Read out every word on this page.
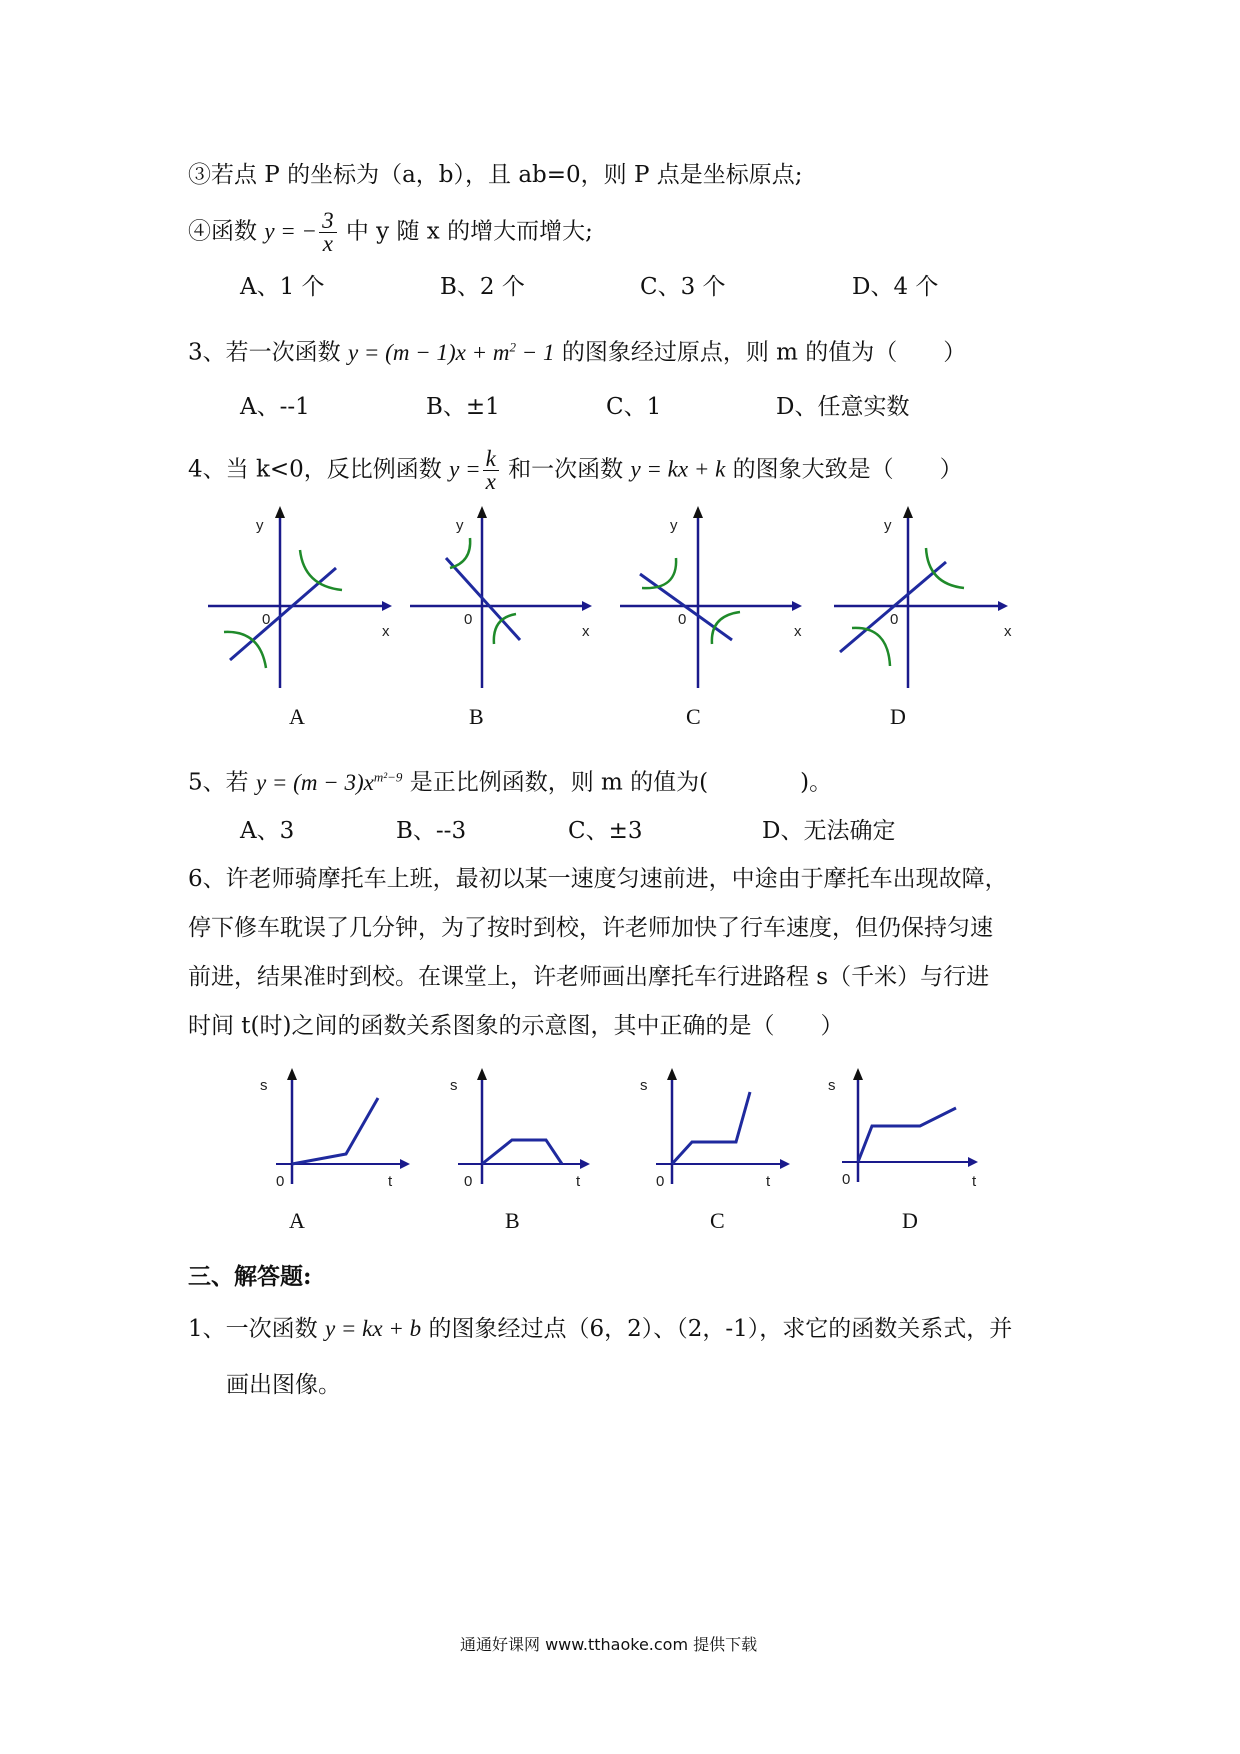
③若点 P 的坐标为（a，b），且 ab=0，则 P 点是坐标原点;
④函数 y = − $\frac{3}{x}$ 中 y 随 x 的增大而增大;
A、1 个	B、2 个	C、3 个	D、4 个
3、若一次函数 $y = (m - 1)x + m^2 - 1$ 的图象经过原点，则 m 的值为（　　）
A、--1	B、±1	C、1	D、任意实数
4、当 k<0，反比例函数 $y = \frac{k}{x}$ 和一次函数 y = kx + k 的图象大致是（　　）
y
x
0
A
y
x
0
B
y
x
0
C
y
x
0
D
5、若 $y = (m - 3)x^{m^2-9}$ 是正比例函数，则 m 的值为(　　　　)。
A、3	B、--3	C、±3	D、无法确定
6、许老师骑摩托车上班，最初以某一速度匀速前进，中途由于摩托车出现故障，
停下修车耽误了几分钟，为了按时到校，许老师加快了行车速度，但仍保持匀速
前进，结果准时到校。在课堂上，许老师画出摩托车行进路程 s（千米）与行进
时间 t(时)之间的函数关系图象的示意图，其中正确的是（　　）
s
t
0
A
s
t
0
B
s
t
0
C
s
t
0
D
三、解答题:
1、一次函数 y = kx + b 的图象经过点（6，2）、（2，-1），求它的函数关系式，并
画出图像。
通通好课网 www.tthaoke.com 提供下载
